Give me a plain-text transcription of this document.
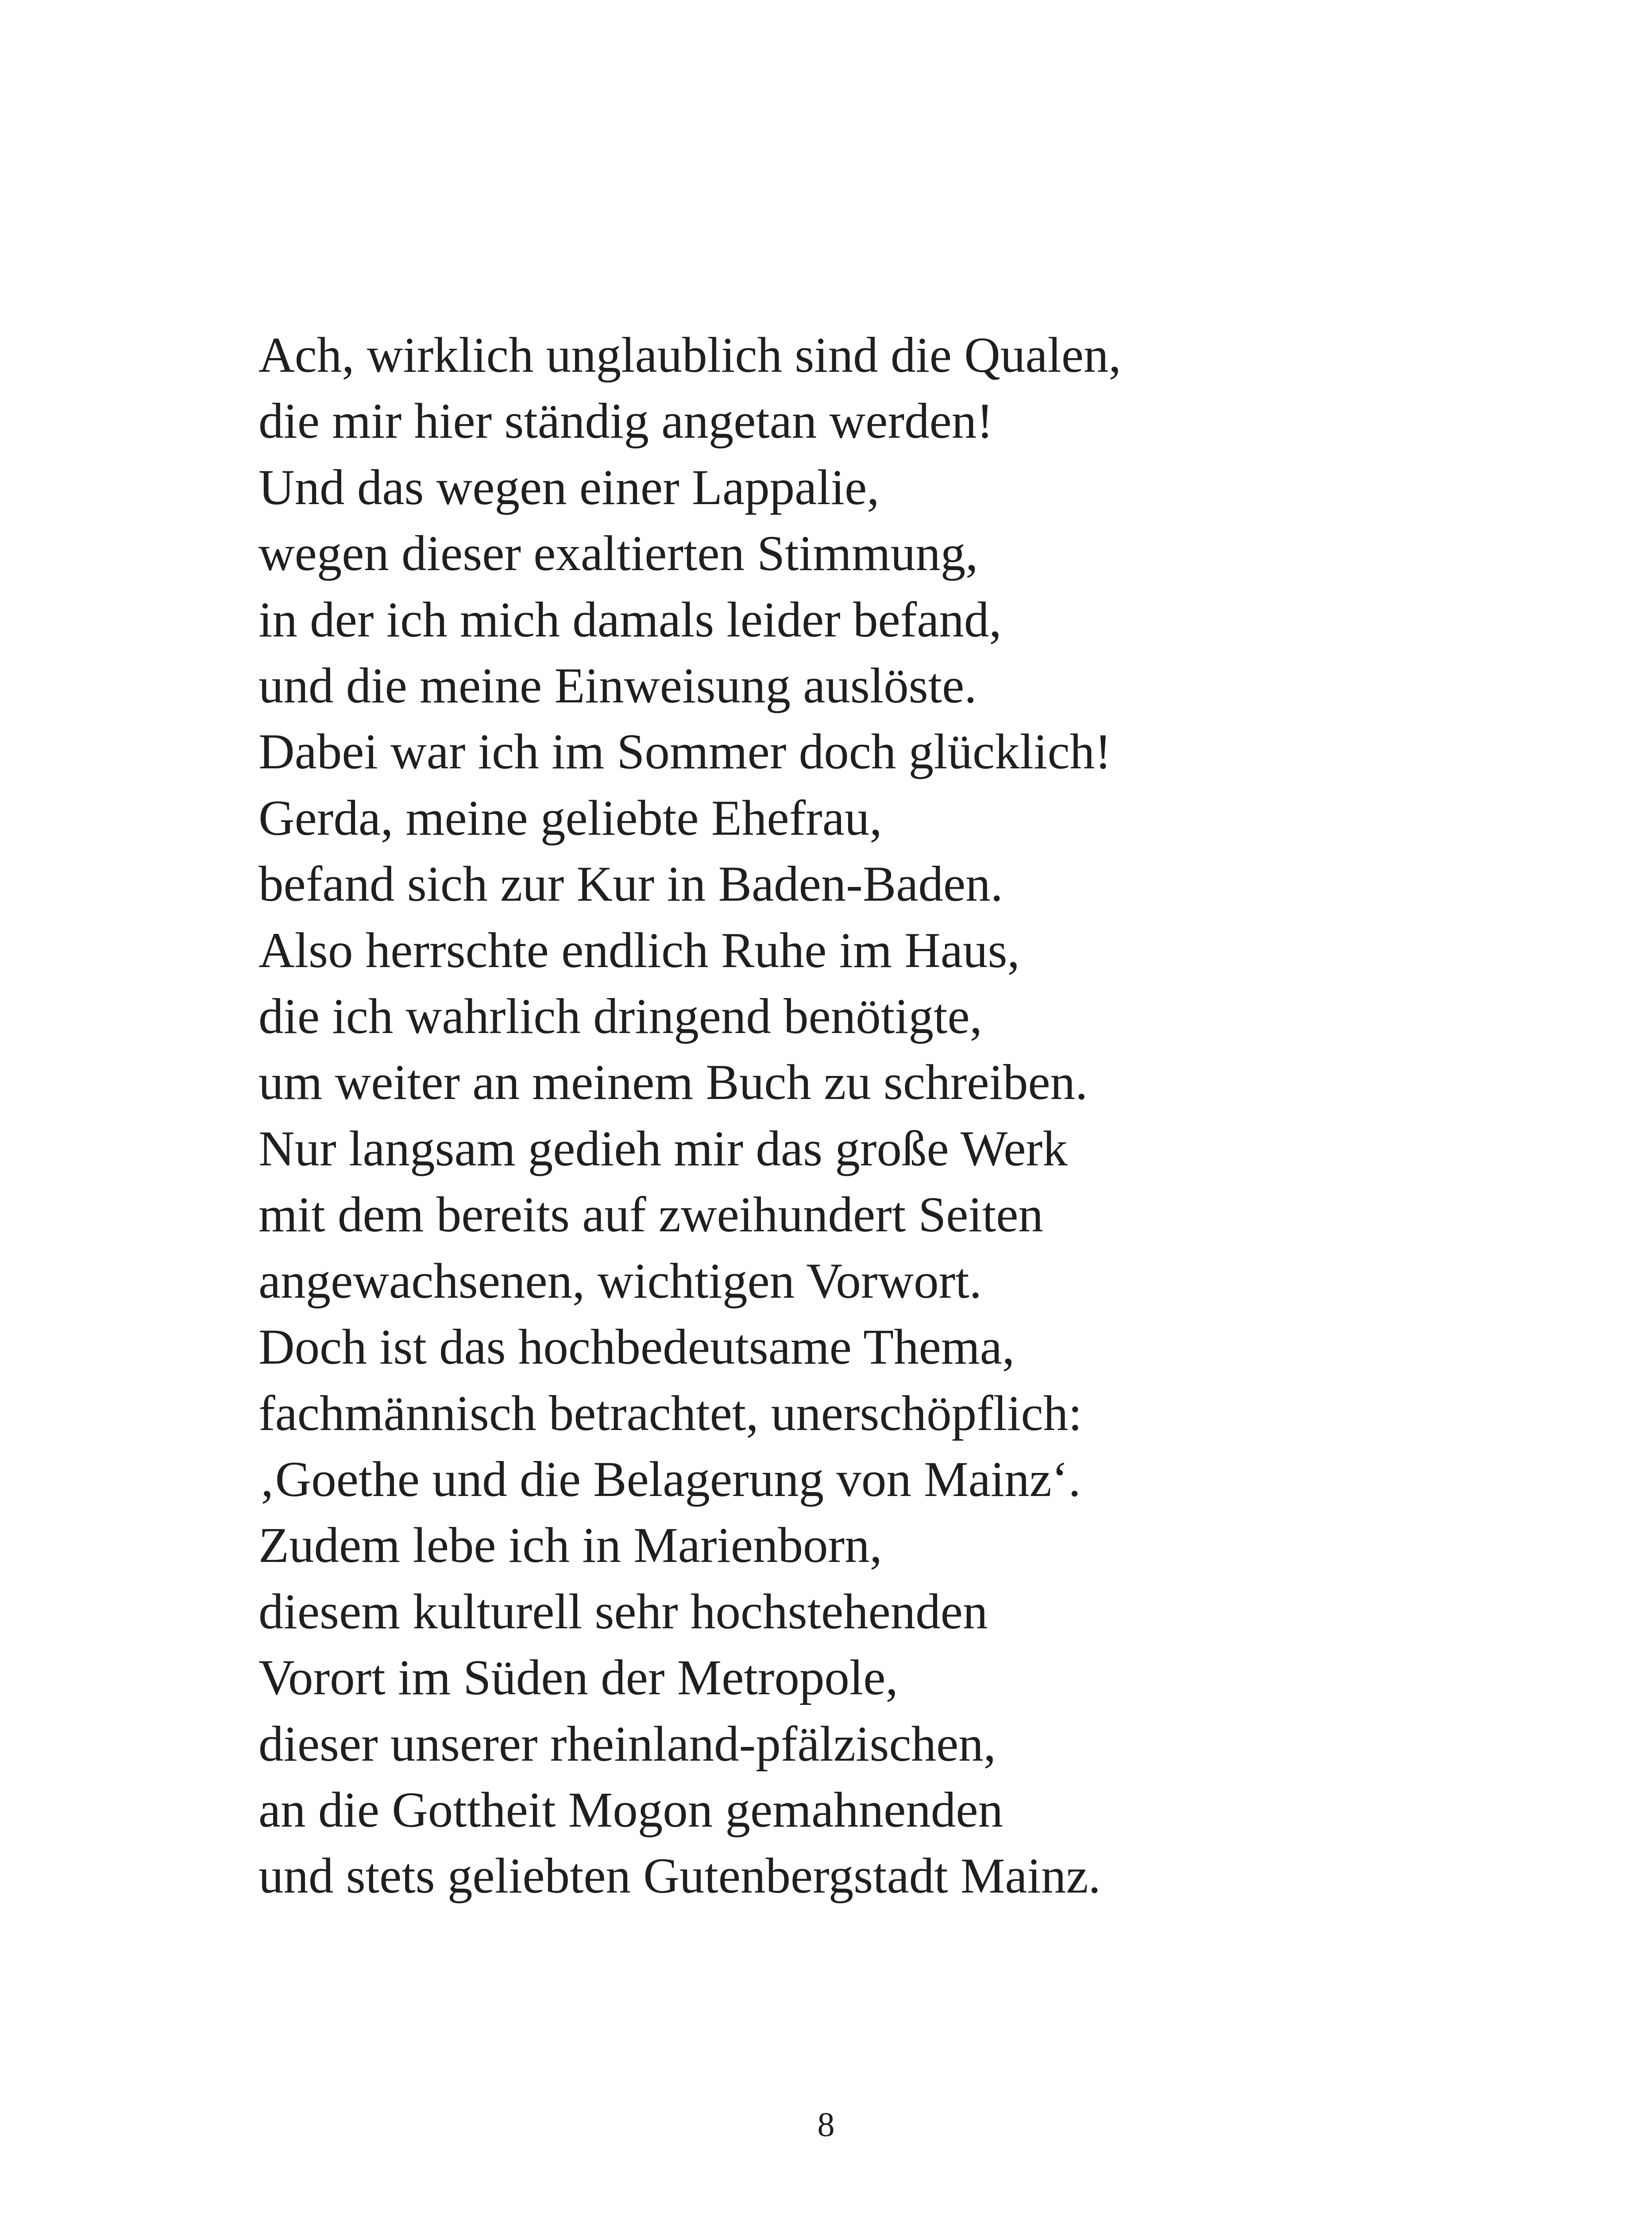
Ach, wirklich unglaublich sind die Qualen,
die mir hier ständig angetan werden!
Und das wegen einer Lappalie,
wegen dieser exaltierten Stimmung,
in der ich mich damals leider befand,
und die meine Einweisung auslöste.
Dabei war ich im Sommer doch glücklich!
Gerda, meine geliebte Ehefrau,
befand sich zur Kur in Baden-Baden.
Also herrschte endlich Ruhe im Haus,
die ich wahrlich dringend benötigte,
um weiter an meinem Buch zu schreiben.
Nur langsam gedieh mir das große Werk
mit dem bereits auf zweihundert Seiten
angewachsenen, wichtigen Vorwort.
Doch ist das hochbedeutsame Thema,
fachmännisch betrachtet, unerschöpflich:
‚Goethe und die Belagerung von Mainz‘.
Zudem lebe ich in Marienborn,
diesem kulturell sehr hochstehenden
Vorort im Süden der Metropole,
dieser unserer rheinland-pfälzischen,
an die Gottheit Mogon gemahnenden
und stets geliebten Gutenbergstadt Mainz.
8
